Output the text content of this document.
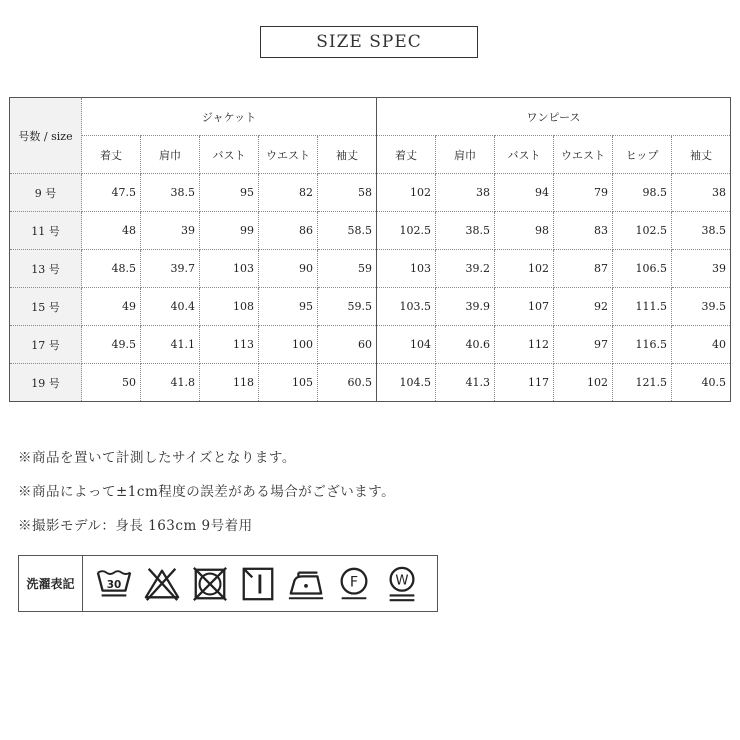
SIZE SPEC
号数 / size	ジャケット					ワンピース					
	着丈	肩巾	バスト	ウエスト	袖丈	着丈	肩巾	バスト	ウエスト	ヒップ	袖丈
9 号	47.5	38.5	95	82	58	102	38	94	79	98.5	38
11 号	48	39	99	86	58.5	102.5	38.5	98	83	102.5	38.5
13 号	48.5	39.7	103	90	59	103	39.2	102	87	106.5	39
15 号	49	40.4	108	95	59.5	103.5	39.9	107	92	111.5	39.5
17 号	49.5	41.1	113	100	60	104	40.6	112	97	116.5	40
19 号	50	41.8	118	105	60.5	104.5	41.3	117	102	121.5	40.5
※商品を置いて計測したサイズとなります。
※商品によって±1cm程度の誤差がある場合がございます。
※撮影モデル：身長 163cm 9号着用
洗濯表記	30	F	W
